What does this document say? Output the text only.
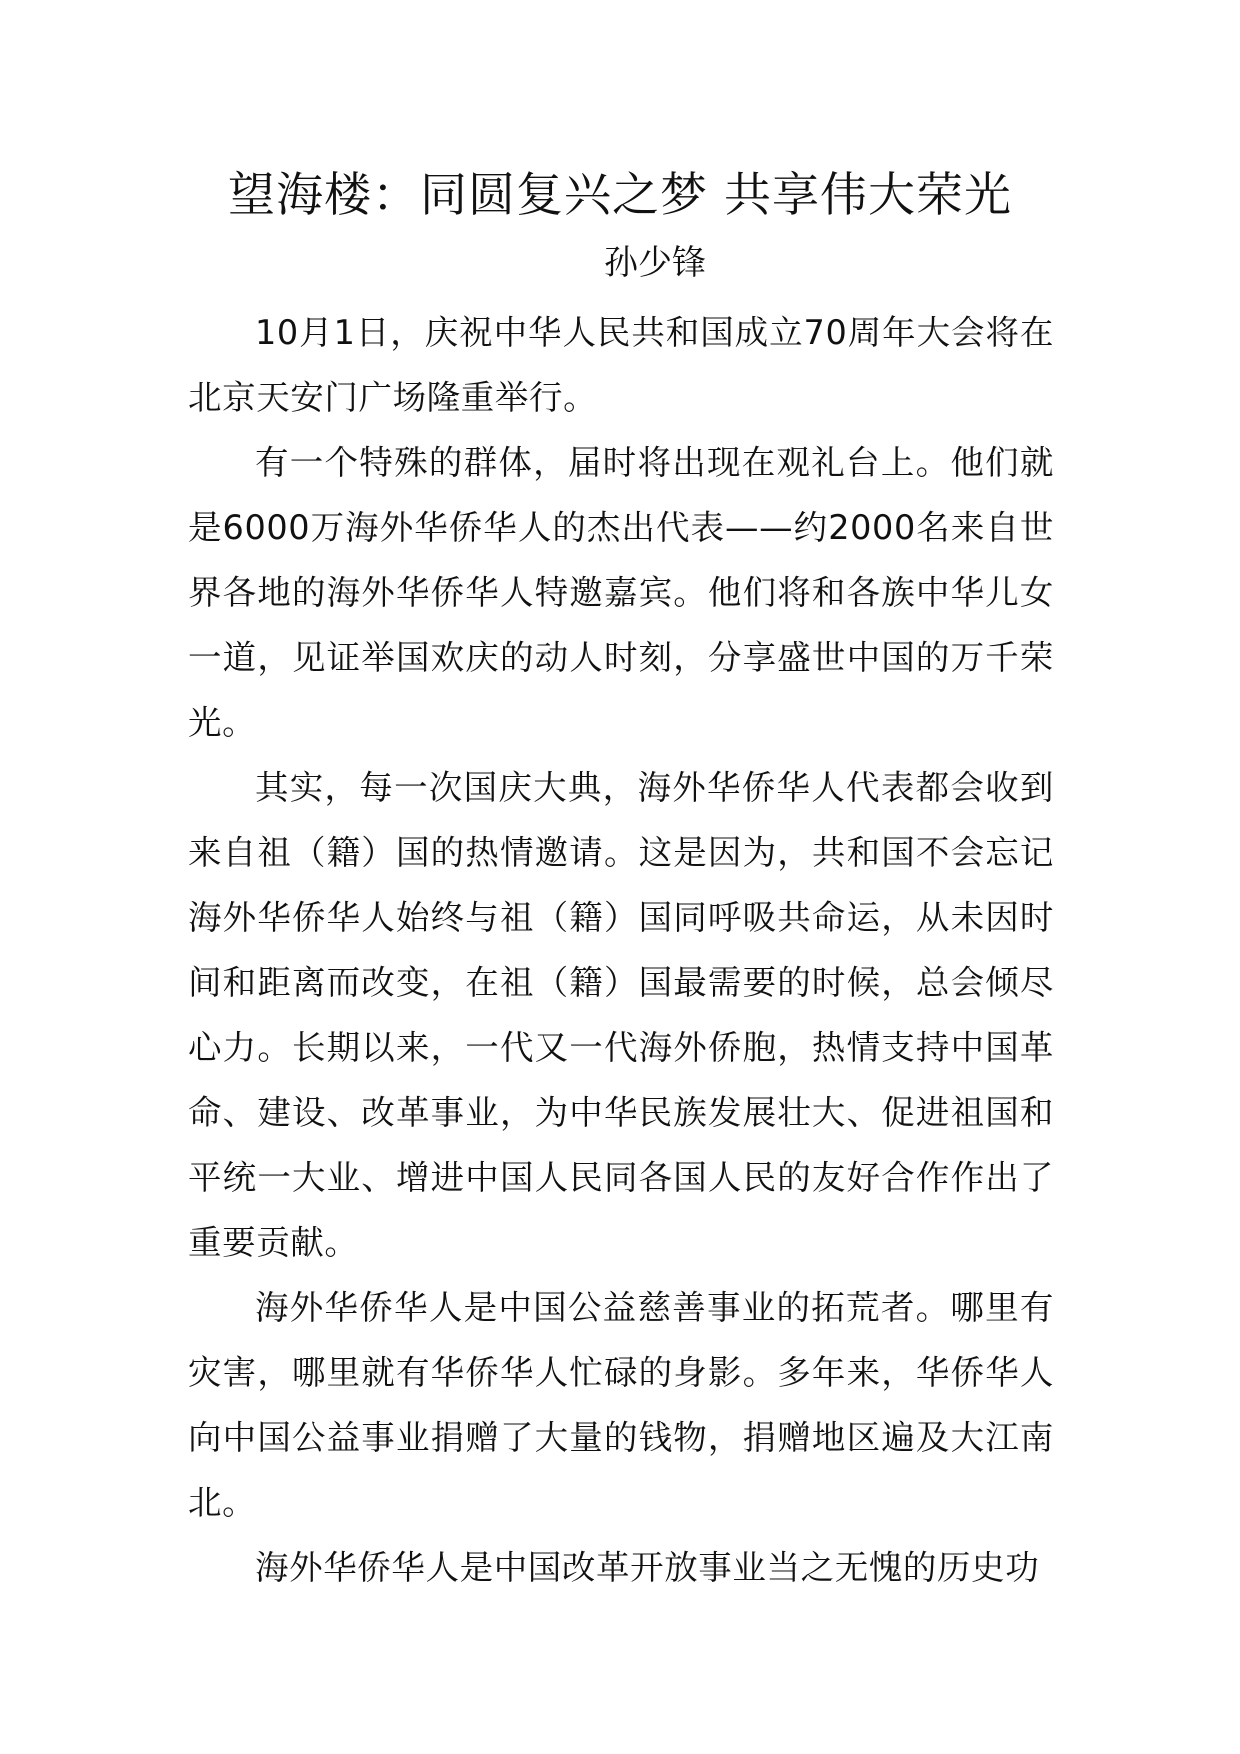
望海楼：同圆复兴之梦 共享伟大荣光
孙少锋

10月1日，庆祝中华人民共和国成立70周年大会将在北京天安门广场隆重举行。

有一个特殊的群体，届时将出现在观礼台上。他们就是6000万海外华侨华人的杰出代表——约2000名来自世界各地的海外华侨华人特邀嘉宾。他们将和各族中华儿女一道，见证举国欢庆的动人时刻，分享盛世中国的万千荣光。

其实，每一次国庆大典，海外华侨华人代表都会收到来自祖（籍）国的热情邀请。这是因为，共和国不会忘记海外华侨华人始终与祖（籍）国同呼吸共命运，从未因时间和距离而改变，在祖（籍）国最需要的时候，总会倾尽心力。长期以来，一代又一代海外侨胞，热情支持中国革命、建设、改革事业，为中华民族发展壮大、促进祖国和平统一大业、增进中国人民同各国人民的友好合作作出了重要贡献。

海外华侨华人是中国公益慈善事业的拓荒者。哪里有灾害，哪里就有华侨华人忙碌的身影。多年来，华侨华人向中国公益事业捐赠了大量的钱物，捐赠地区遍及大江南北。

海外华侨华人是中国改革开放事业当之无愧的历史功
